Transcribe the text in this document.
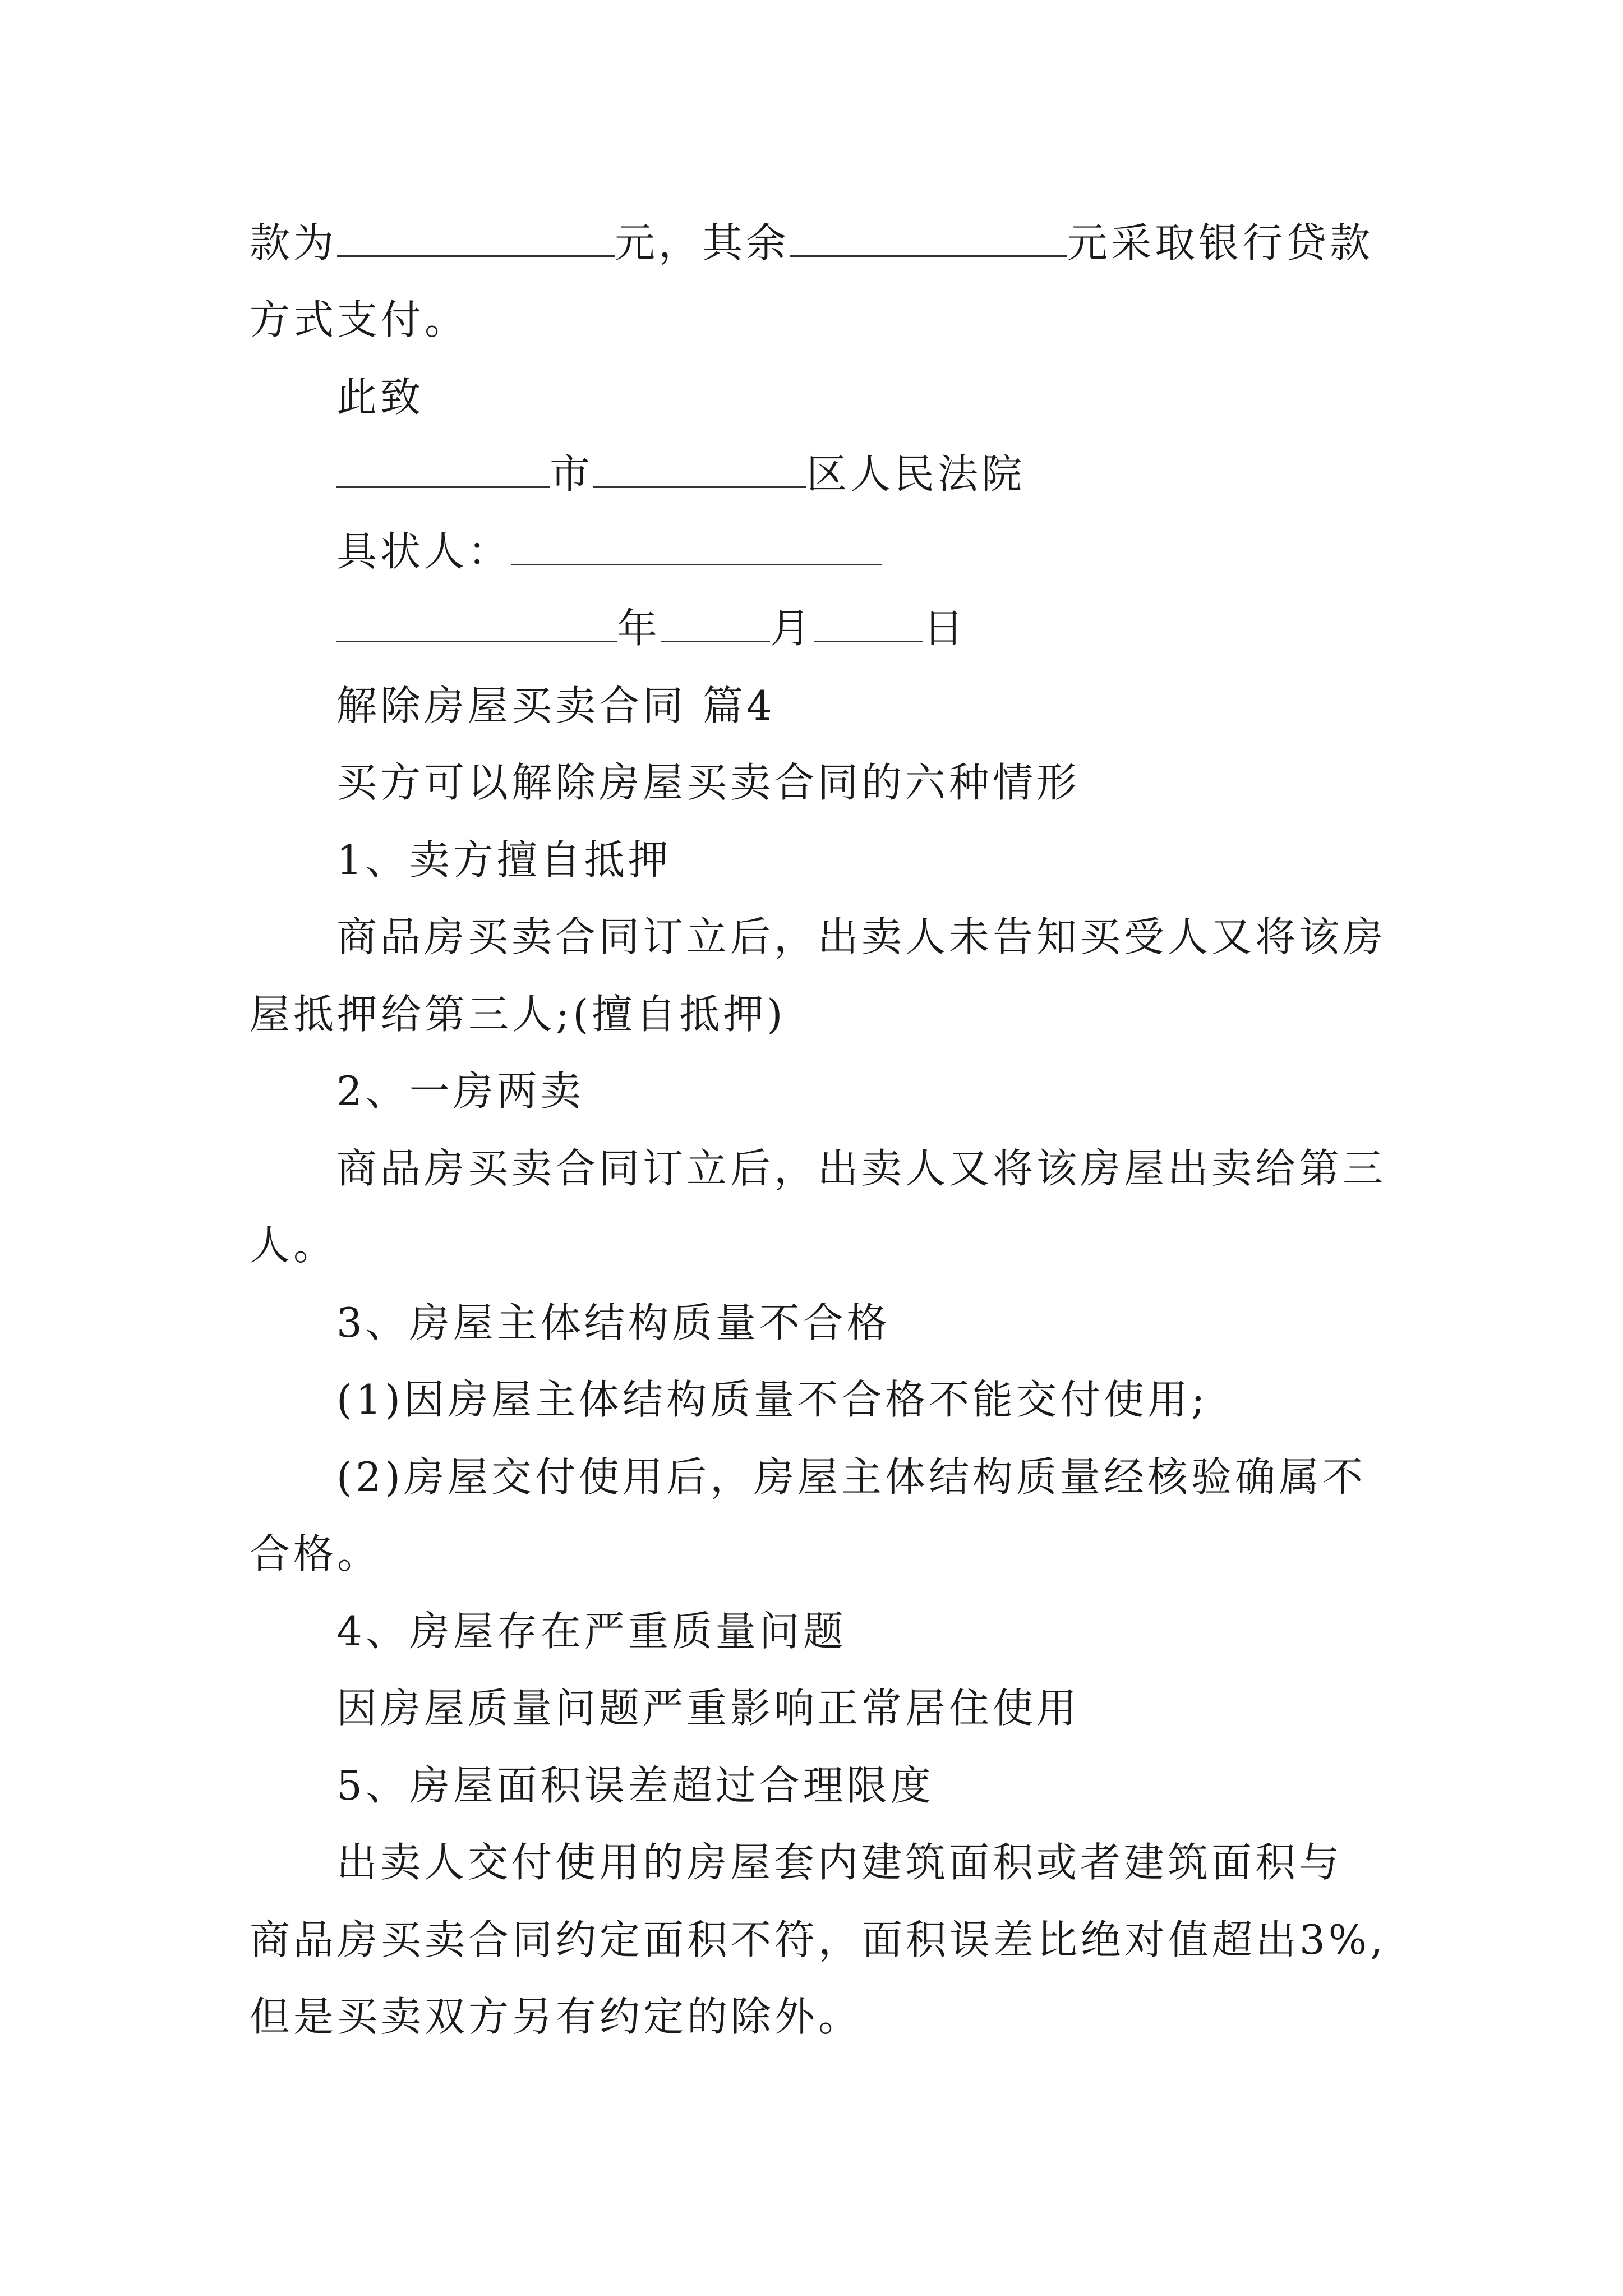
款为	元，其余	元采取银行贷款
方式支付。
此致
市	区人民法院
具状人：
年	月	日
解除房屋买卖合同 篇4
买方可以解除房屋买卖合同的六种情形
1、卖方擅自抵押
商品房买卖合同订立后，出卖人未告知买受人又将该房
屋抵押给第三人;(擅自抵押)
2、一房两卖
商品房买卖合同订立后，出卖人又将该房屋出卖给第三
人。
3、房屋主体结构质量不合格
(1)因房屋主体结构质量不合格不能交付使用;
(2)房屋交付使用后，房屋主体结构质量经核验确属不
合格。
4、房屋存在严重质量问题
因房屋质量问题严重影响正常居住使用
5、房屋面积误差超过合理限度
出卖人交付使用的房屋套内建筑面积或者建筑面积与
商品房买卖合同约定面积不符，面积误差比绝对值超出3%,
但是买卖双方另有约定的除外。
